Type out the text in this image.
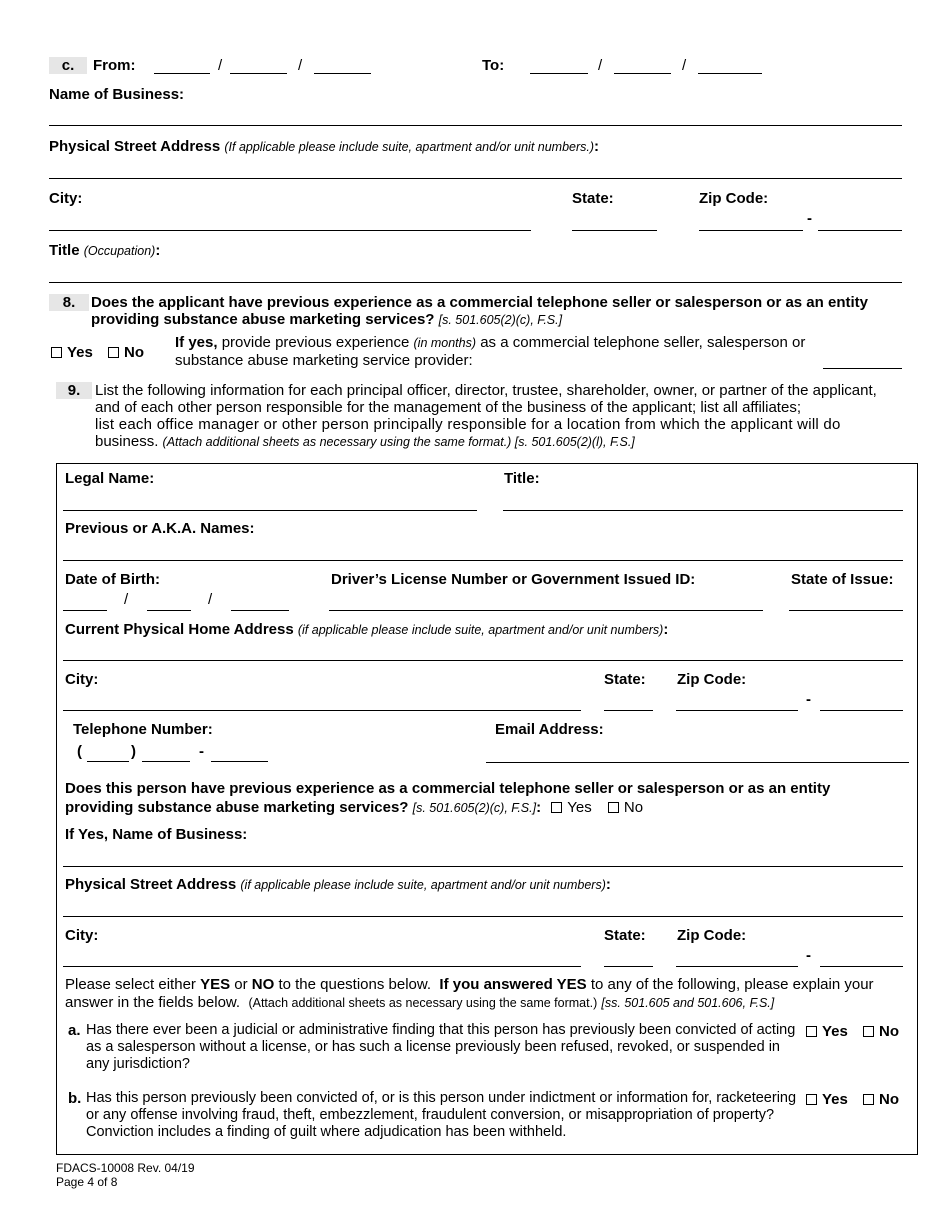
c.	From:	/	/	To:	/	/
Name of Business:
Physical Street Address (If applicable please include suite, apartment and/or unit numbers.):
City:	State:	Zip Code:
-
Title (Occupation):
8.	Does the applicant have previous experience as a commercial telephone seller or salesperson or as an entity
providing substance abuse marketing services? [s. 501.605(2)(c), F.S.]
Yes	No
If yes, provide previous experience (in months) as a commercial telephone seller, salesperson or
substance abuse marketing service provider:
9. List the following information for each principal officer, director, trustee, shareholder, owner, or partner of the applicant,
and of each other person responsible for the management of the business of the applicant; list all affiliates;
list each office manager or other person principally responsible for a location from which the applicant will do
business. (Attach additional sheets as necessary using the same format.) [s. 501.605(2)(l), F.S.]
Legal Name:	Title:
Previous or A.K.A. Names:
Date of Birth:	Driver’s License Number or Government Issued ID:	State of Issue:
/	/
Current Physical Home Address (if applicable please include suite, apartment and/or unit numbers):
City:	State: Zip Code:
-
Telephone Number:	Email Address:
(	)	-
Does this person have previous experience as a commercial telephone seller or salesperson or as an entity
providing substance abuse marketing services? [s. 501.605(2)(c), F.S.]: Yes No
If Yes, Name of Business:
Physical Street Address (if applicable please include suite, apartment and/or unit numbers):
City:	State: Zip Code:
-
Please select either YES or NO to the questions below. If you answered YES to any of the following, please explain your
answer in the fields below. (Attach additional sheets as necessary using the same format.) [ss. 501.605 and 501.606, F.S.]
a. Has there ever been a judicial or administrative finding that this person has previously been convicted of acting
as a salesperson without a license, or has such a license previously been refused, revoked, or suspended in
any jurisdiction?
Yes	No
b. Has this person previously been convicted of, or is this person under indictment or information for, racketeering
or any offense involving fraud, theft, embezzlement, fraudulent conversion, or misappropriation of property?
Conviction includes a finding of guilt where adjudication has been withheld.
Yes	No
FDACS-10008 Rev. 04/19
Page 4 of 8
